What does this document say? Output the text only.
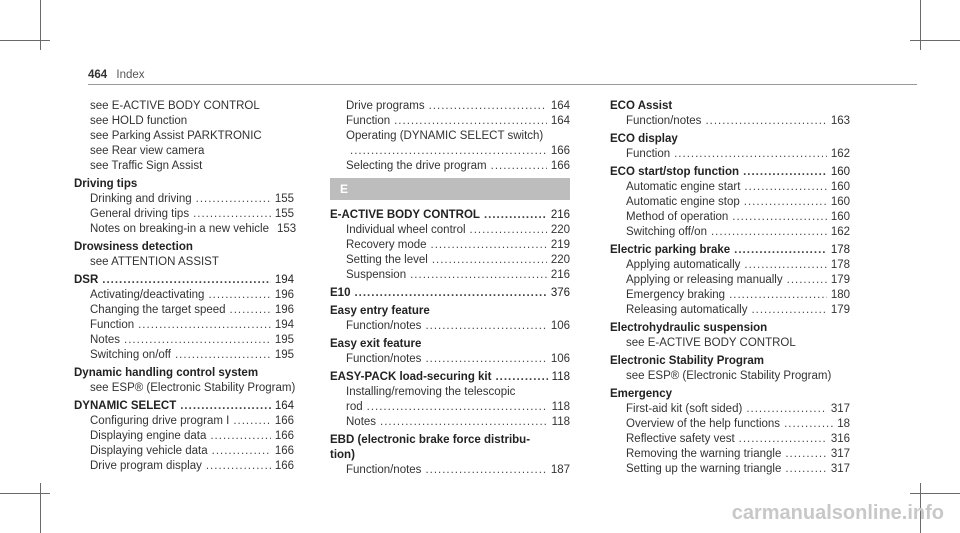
464 Index
see E-ACTIVE BODY CONTROL
see HOLD function
see Parking Assist PARKTRONIC
see Rear view camera
see Traffic Sign Assist
Driving tips
Drinking and driving .....	155
General driving tips .....	155
Notes on breaking-in a new vehicle 153
Drowsiness detection
see ATTENTION ASSIST
DSR .....	194
Activating/deactivating .....	196
Changing the target speed .....	196
Function .....	194
Notes .....	195
Switching on/off .....	195
Dynamic handling control system
see ESP® (Electronic Stability Program)
DYNAMIC SELECT .....	164
Configuring drive program I .....	166
Displaying engine data .....	166
Displaying vehicle data .....	166
Drive program display .....	166
Drive programs .....	164
Function .....	164
Operating (DYNAMIC SELECT switch)
.....
166
Selecting the drive program .....	166
E
E-ACTIVE BODY CONTROL .....	216
Individual wheel control .....	220
Recovery mode .....	219
Setting the level .....	220
Suspension .....	216
E10 .....	376
Easy entry feature
Function/notes .....	106
Easy exit feature
Function/notes .....	106
EASY-PACK load-securing kit .....	118
Installing/removing the telescopic
rod .....	118
Notes .....	118
EBD (electronic brake force distribu-
tion)
Function/notes .....	187
ECO Assist
Function/notes .....	163
ECO display
Function .....	162
ECO start/stop function .....	160
Automatic engine start .....	160
Automatic engine stop .....	160
Method of operation .....	160
Switching off/on .....	162
Electric parking brake .....	178
Applying automatically .....	178
Applying or releasing manually .....	179
Emergency braking .....	180
Releasing automatically .....	179
Electrohydraulic suspension
see E-ACTIVE BODY CONTROL
Electronic Stability Program
see ESP® (Electronic Stability Program)
Emergency
First-aid kit (soft sided) .....	317
Overview of the help functions .....	18
Reflective safety vest .....	316
Removing the warning triangle .....	317
Setting up the warning triangle .....	317
carmanualsonline.info
